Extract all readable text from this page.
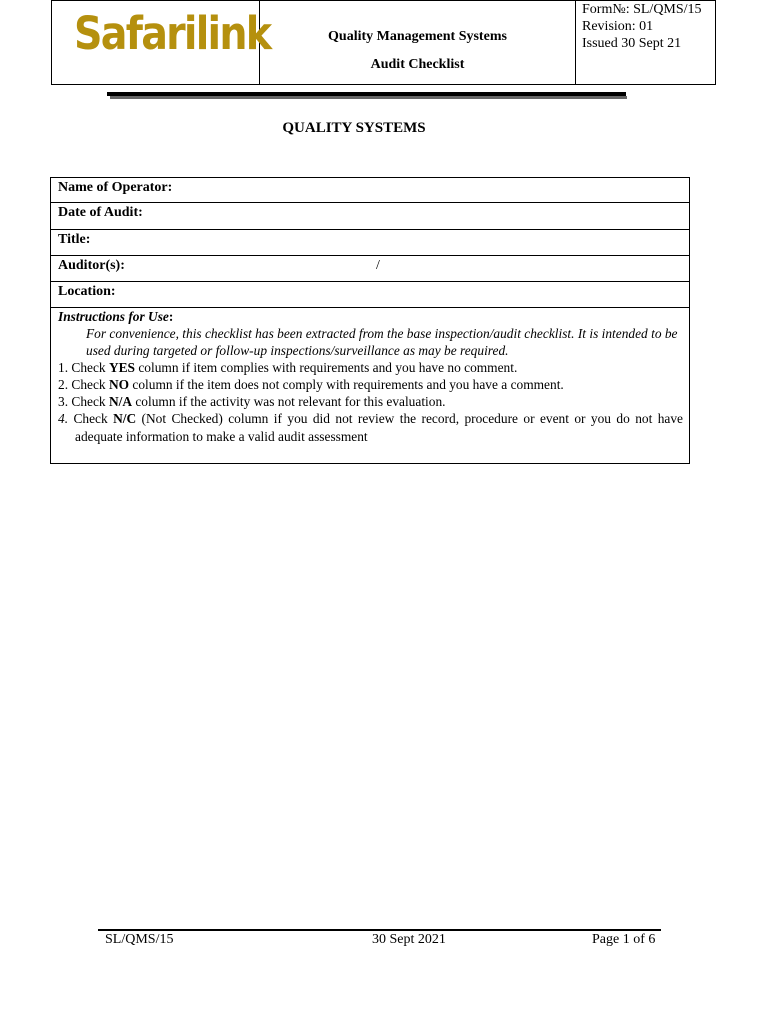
Safarilink	Quality Management Systems
Audit Checklist
Form№: SL/QMS/15
Revision: 01
Issued 30 Sept 21
QUALITY SYSTEMS
Name of Operator:
Date of Audit:
Title:
Auditor(s):	/
Location:
Instructions for Use:
For convenience, this checklist has been extracted from the base inspection/audit checklist. It is intended to be used during targeted or follow-up inspections/surveillance as may be required.
1. Check YES column if item complies with requirements and you have no comment.
2. Check NO column if the item does not comply with requirements and you have a comment.
3. Check N/A column if the activity was not relevant for this evaluation.
4. Check N/C (Not Checked) column if you did not review the record, procedure or event or you do not have
adequate information to make a valid audit assessment
SL/QMS/15	30 Sept 2021	Page 1 of 6
